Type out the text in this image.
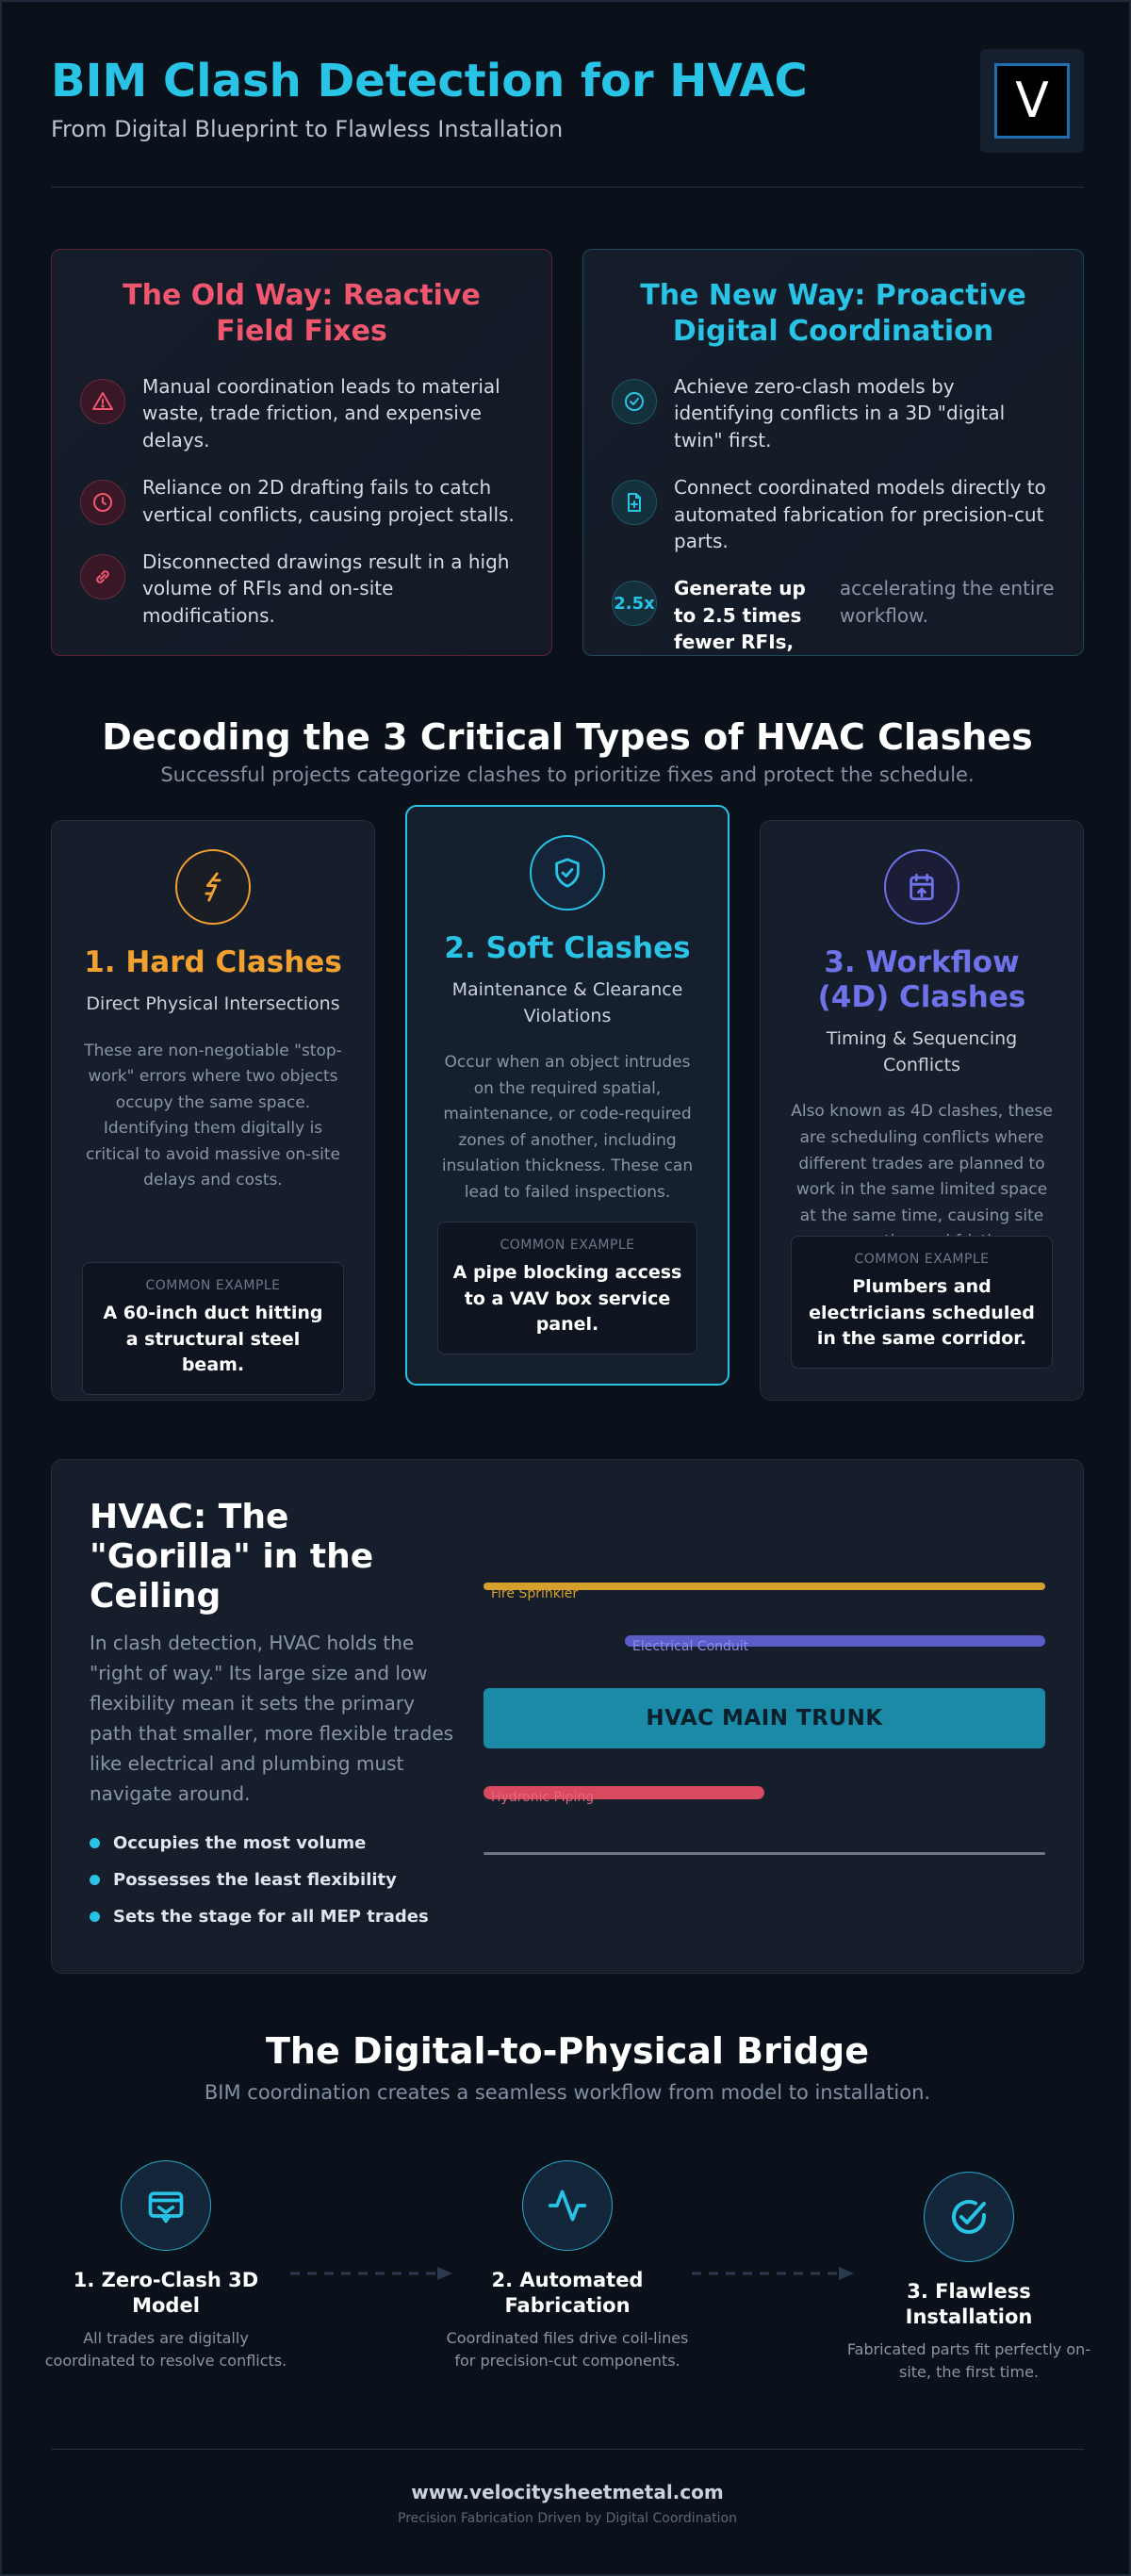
BIM Clash Detection for HVAC
From Digital Blueprint to Flawless Installation	V
The Old Way: Reactive Field Fixes
Manual coordination leads to material waste, trade friction, and expensive delays.
Reliance on 2D drafting fails to catch vertical conflicts, causing project stalls.
Disconnected drawings result in a high volume of RFIs and on-site modifications.
The New Way: Proactive Digital Coordination
Achieve zero-clash models by identifying conflicts in a 3D "digital twin" first.
Connect coordinated models directly to automated fabrication for precision-cut parts.
2.5x
Generate up to 2.5 times fewer RFIs,
accelerating the entire workflow.
Decoding the 3 Critical Types of HVAC Clashes
Successful projects categorize clashes to prioritize fixes and protect the schedule.
1. Hard Clashes
Direct Physical Intersections
These are non-negotiable "stop-work" errors where two objects occupy the same space. Identifying them digitally is critical to avoid massive on-site delays and costs.
COMMON EXAMPLE
A 60-inch duct hitting a structural steel beam.
2. Soft Clashes
Maintenance & Clearance Violations
Occur when an object intrudes on the required spatial, maintenance, or code-required zones of another, including insulation thickness. These can lead to failed inspections.
COMMON EXAMPLE
A pipe blocking access to a VAV box service panel.
3. Workflow (4D) Clashes
Timing & Sequencing Conflicts
Also known as 4D clashes, these are scheduling conflicts where different trades are planned to work in the same limited space at the same time, causing site
COMMON EXAMPLE
Plumbers and electricians scheduled in the same corridor.
HVAC: The "Gorilla" in the Ceiling
In clash detection, HVAC holds the "right of way." Its large size and low flexibility mean it sets the primary path that smaller, more flexible trades like electrical and plumbing must navigate around.
Occupies the most volume
Possesses the least flexibility
Sets the stage for all MEP trades
Fire Sprinkler
Electrical Conduit
HVAC MAIN TRUNK
Hydronic Piping
The Digital-to-Physical Bridge
BIM coordination creates a seamless workflow from model to installation.
1. Zero-Clash 3D Model
All trades are digitally coordinated to resolve conflicts.
2. Automated Fabrication
Coordinated files drive coil-lines for precision-cut components.
3. Flawless Installation
Fabricated parts fit perfectly on-site, the first time.
www.velocitysheetmetal.com
Precision Fabrication Driven by Digital Coordination
